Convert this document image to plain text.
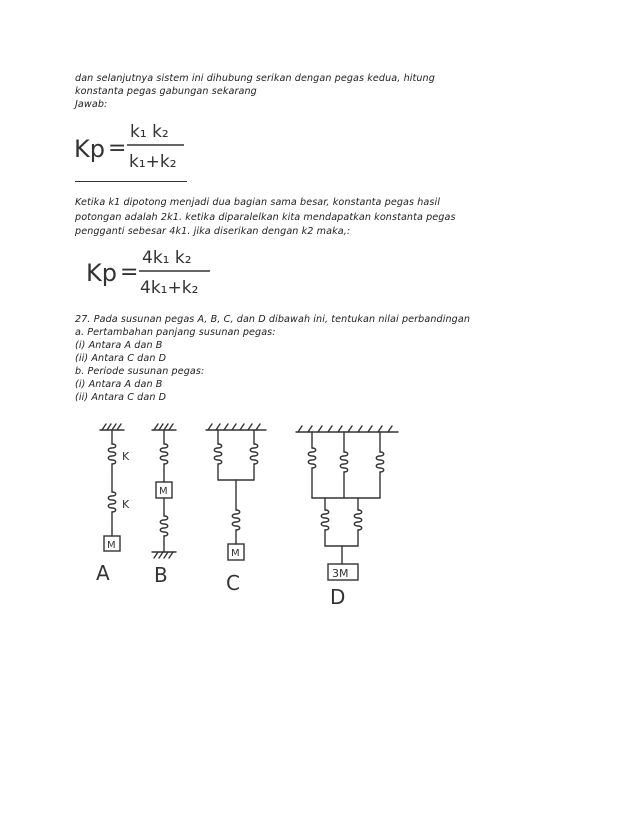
dan selanjutnya sistem ini dihubung serikan dengan pegas kedua, hitung
konstanta pegas gabungan sekarang
Jawab:
Kp =
k₁ k₂
k₁+k₂
Ketika k1 dipotong menjadi dua bagian sama besar, konstanta pegas hasil
potongan adalah 2k1. ketika diparalelkan kita mendapatkan konstanta pegas
pengganti sebesar 4k1. jika diserikan dengan k2 maka,:
Kp =
4k₁ k₂
4k₁+k₂
27. Pada susunan pegas A, B, C, dan D dibawah ini, tentukan nilai perbandingan
a. Pertambahan panjang susunan pegas:
(i) Antara A dan B
(ii) Antara C dan D
b. Periode susunan pegas:
(i) Antara A dan B
(ii) Antara C dan D
M
K
K
A
M
B
M
C	3M
D
